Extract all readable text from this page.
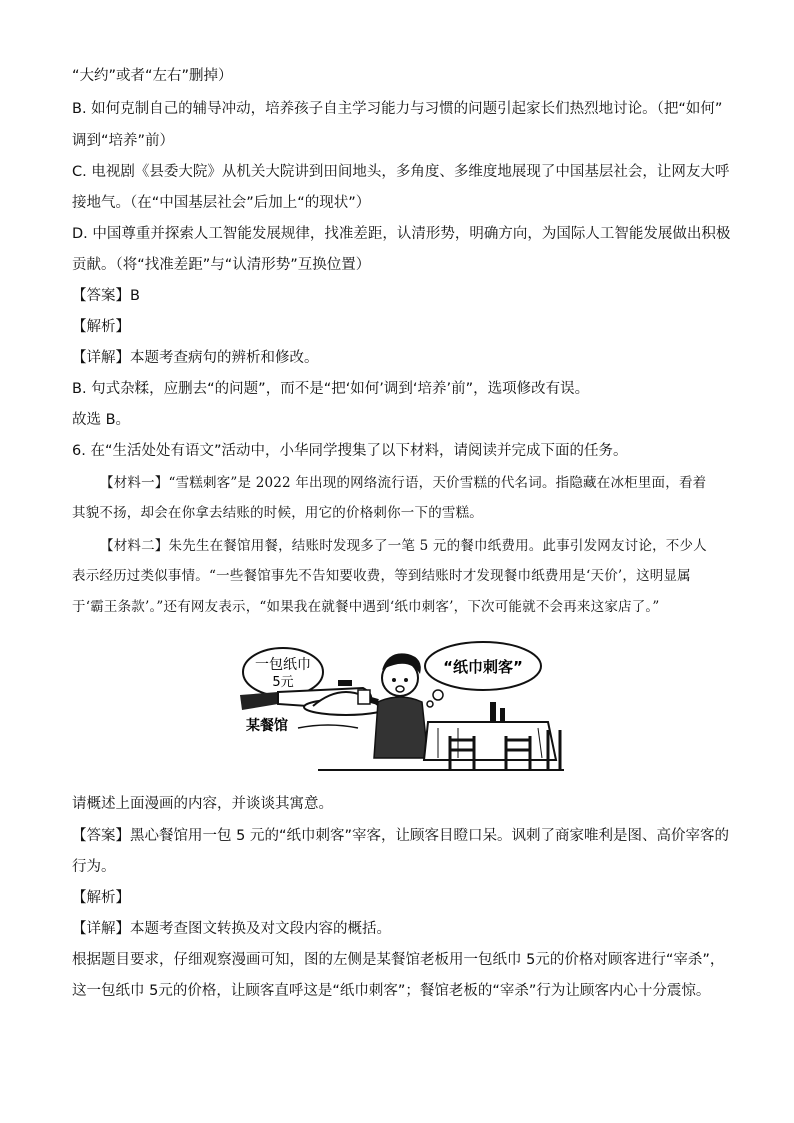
“大约”或者“左右”删掉）
B. 如何克制自己的辅导冲动，培养孩子自主学习能力与习惯的问题引起家长们热烈地讨论。（把“如何”
调到“培养”前）
C. 电视剧《县委大院》从机关大院讲到田间地头，多角度、多维度地展现了中国基层社会，让网友大呼
接地气。（在“中国基层社会”后加上“的现状”）
D. 中国尊重并探索人工智能发展规律，找准差距，认清形势，明确方向，为国际人工智能发展做出积极
贡献。（将“找准差距”与“认清形势”互换位置）
【答案】B
【解析】
【详解】本题考查病句的辨析和修改。
B. 句式杂糅，应删去“的问题”，而不是“把‘如何’调到‘培养’前”，选项修改有误。
故选 B。
6. 在“生活处处有语文”活动中，小华同学搜集了以下材料，请阅读并完成下面的任务。
【材料一】“雪糕刺客”是 2022 年出现的网络流行语，天价雪糕的代名词。指隐藏在冰柜里面，看着
其貌不扬，却会在你拿去结账的时候，用它的价格刺你一下的雪糕。
【材料二】朱先生在餐馆用餐，结账时发现多了一笔 5 元的餐巾纸费用。此事引发网友讨论，不少人
表示经历过类似事情。“一些餐馆事先不告知要收费，等到结账时才发现餐巾纸费用是‘天价’，这明显属
于‘霸王条款’。”还有网友表示，“如果我在就餐中遇到‘纸巾刺客’，下次可能就不会再来这家店了。”
一包纸巾
5元
某餐馆
“纸巾刺客”
请概述上面漫画的内容，并谈谈其寓意。
【答案】黑心餐馆用一包 5 元的“纸巾刺客”宰客，让顾客目瞪口呆。讽刺了商家唯利是图、高价宰客的
行为。
【解析】
【详解】本题考查图文转换及对文段内容的概括。
根据题目要求，仔细观察漫画可知，图的左侧是某餐馆老板用一包纸巾 5元的价格对顾客进行“宰杀”，
这一包纸巾 5元的价格，让顾客直呼这是“纸巾刺客”；餐馆老板的“宰杀”行为让顾客内心十分震惊。
